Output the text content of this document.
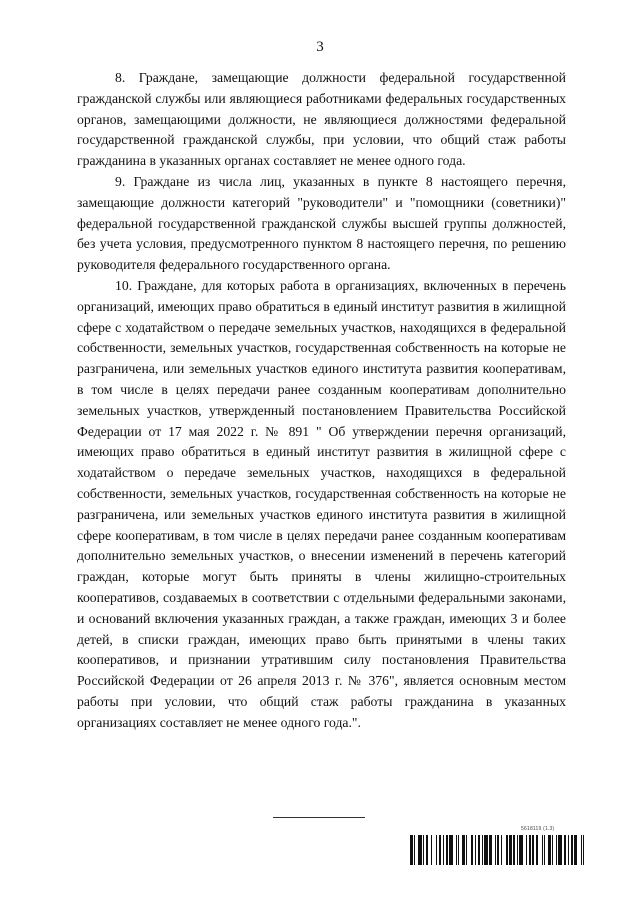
3

8. Граждане, замещающие должности федеральной государственной гражданской службы или являющиеся работниками федеральных государственных органов, замещающими должности, не являющиеся должностями федеральной государственной гражданской службы, при условии, что общий стаж работы гражданина в указанных органах составляет не менее одного года.

9. Граждане из числа лиц, указанных в пункте 8 настоящего перечня, замещающие должности категорий "руководители" и "помощники (советники)" федеральной государственной гражданской службы высшей группы должностей, без учета условия, предусмотренного пунктом 8 настоящего перечня, по решению руководителя федерального государственного органа.

10. Граждане, для которых работа в организациях, включенных в перечень организаций, имеющих право обратиться в единый институт развития в жилищной сфере с ходатайством о передаче земельных участков, находящихся в федеральной собственности, земельных участков, государственная собственность на которые не разграничена, или земельных участков единого института развития кооперативам, в том числе в целях передачи ранее созданным кооперативам дополнительно земельных участков, утвержденный постановлением Правительства Российской Федерации от 17 мая 2022 г. № 891 " Об утверждении перечня организаций, имеющих право обратиться в единый институт развития в жилищной сфере с ходатайством о передаче земельных участков, находящихся в федеральной собственности, земельных участков, государственная собственность на которые не разграничена, или земельных участков единого института развития в жилищной сфере кооперативам, в том числе в целях передачи ранее созданным кооперативам дополнительно земельных участков, о внесении изменений в перечень категорий граждан, которые могут быть приняты в члены жилищно-строительных кооперативов, создаваемых в соответствии с отдельными федеральными законами, и оснований включения указанных граждан, а также граждан, имеющих 3 и более детей, в списки граждан, имеющих право быть принятыми в члены таких кооперативов, и признании утратившим силу постановления Правительства Российской Федерации от 26 апреля 2013 г. № 376", является основным местом работы при условии, что общий стаж работы гражданина в указанных организациях составляет не менее одного года.".

5618119 (1.3)
